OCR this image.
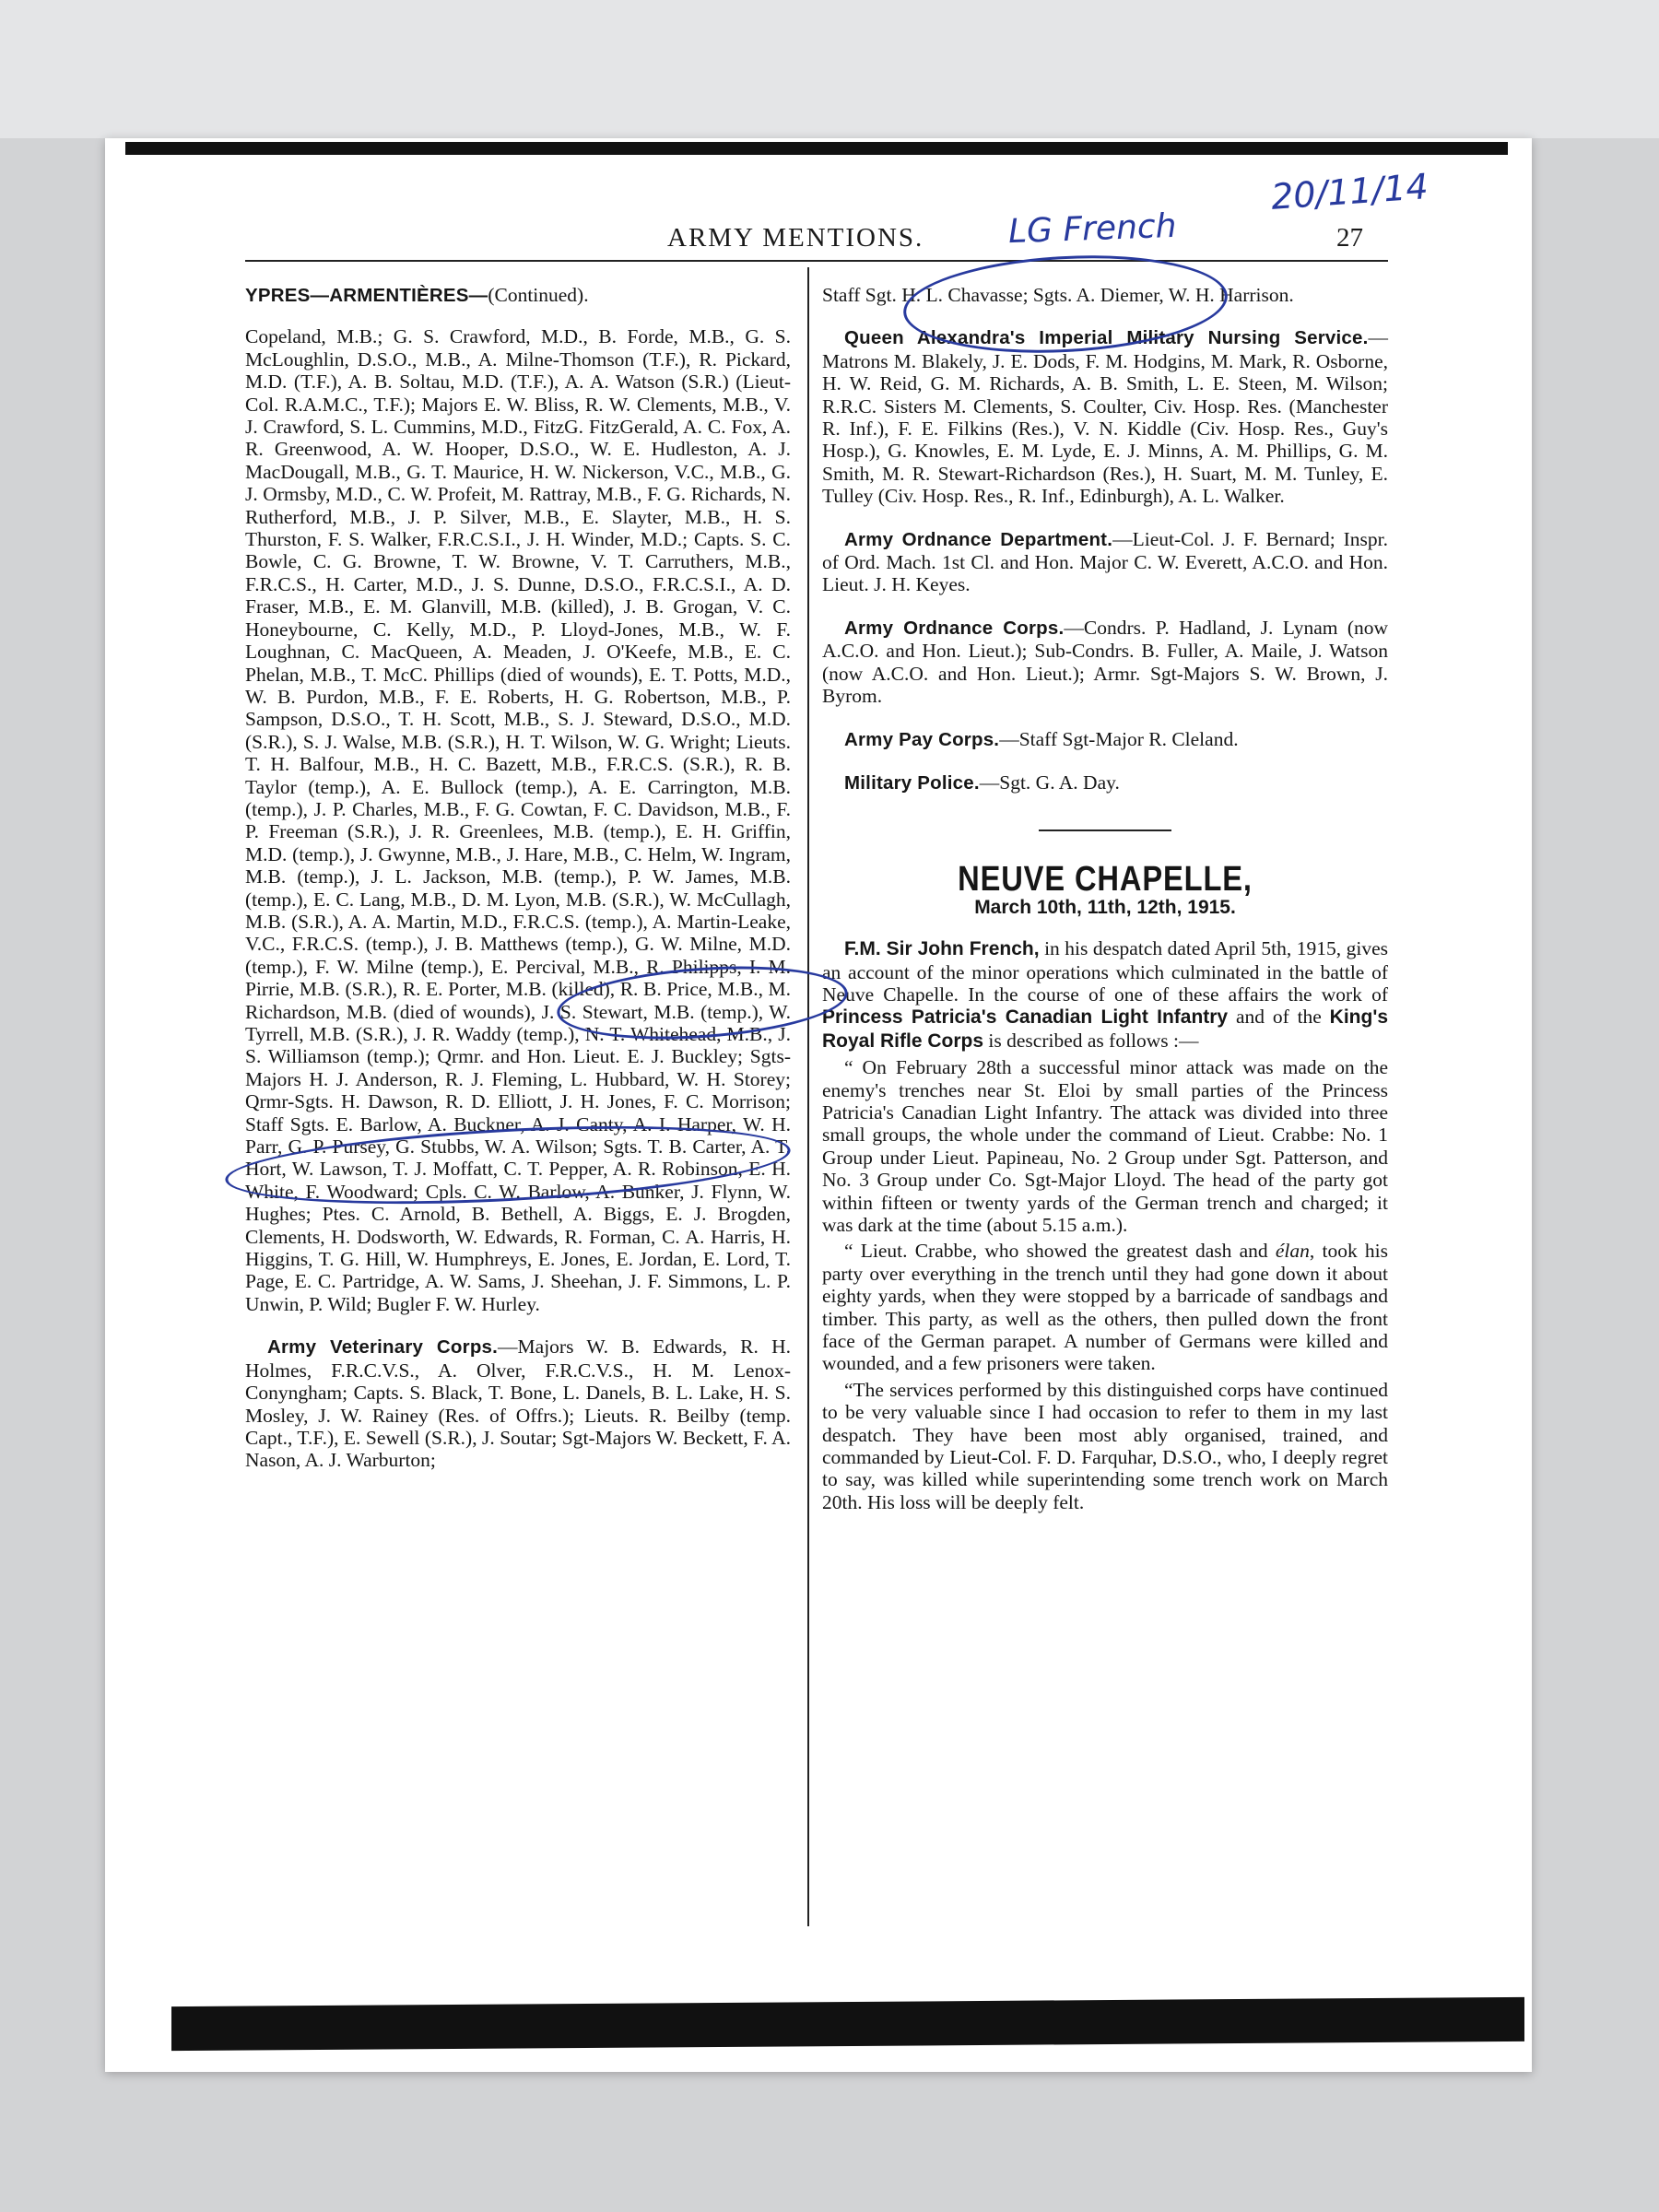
ARMY MENTIONS.	LG French
20/11/14
27

YPRES—ARMENTIÈRES—(Continued).

Copeland, M.B.; G. S. Crawford, M.D., B. Forde, M.B., G. S. McLoughlin, D.S.O., M.B., A. Milne-Thomson (T.F.), R. Pickard, M.D. (T.F.), A. B. Soltau, M.D. (T.F.), A. A. Watson (S.R.) (Lieut-Col. R.A.M.C., T.F.); Majors E. W. Bliss, R. W. Clements, M.B., V. J. Crawford, S. L. Cummins, M.D., FitzG. FitzGerald, A. C. Fox, A. R. Greenwood, A. W. Hooper, D.S.O., W. E. Hudleston, A. J. MacDougall, M.B., G. T. Maurice, H. W. Nickerson, V.C., M.B., G. J. Ormsby, M.D., C. W. Profeit, M. Rattray, M.B., F. G. Richards, N. Rutherford, M.B., J. P. Silver, M.B., E. Slayter, M.B., H. S. Thurston, F. S. Walker, F.R.C.S.I., J. H. Winder, M.D.; Capts. S. C. Bowle, C. G. Browne, T. W. Browne, V. T. Carruthers, M.B., F.R.C.S., H. Carter, M.D., J. S. Dunne, D.S.O., F.R.C.S.I., A. D. Fraser, M.B., E. M. Glanvill, M.B. (killed), J. B. Grogan, V. C. Honeybourne, C. Kelly, M.D., P. Lloyd-Jones, M.B., W. F. Loughnan, C. MacQueen, A. Meaden, J. O'Keefe, M.B., E. C. Phelan, M.B., T. McC. Phillips (died of wounds), E. T. Potts, M.D., W. B. Purdon, M.B., F. E. Roberts, H. G. Robertson, M.B., P. Sampson, D.S.O., T. H. Scott, M.B., S. J. Steward, D.S.O., M.D. (S.R.), S. J. Walse, M.B. (S.R.), H. T. Wilson, W. G. Wright; Lieuts. T. H. Balfour, M.B., H. C. Bazett, M.B., F.R.C.S. (S.R.), R. B. Taylor (temp.), A. E. Bullock (temp.), A. E. Carrington, M.B. (temp.), J. P. Charles, M.B., F. G. Cowtan, F. C. Davidson, M.B., F. P. Freeman (S.R.), J. R. Greenlees, M.B. (temp.), E. H. Griffin, M.D. (temp.), J. Gwynne, M.B., J. Hare, M.B., C. Helm, W. Ingram, M.B. (temp.), J. L. Jackson, M.B. (temp.), P. W. James, M.B. (temp.), E. C. Lang, M.B., D. M. Lyon, M.B. (S.R.), W. McCullagh, M.B. (S.R.), A. A. Martin, M.D., F.R.C.S. (temp.), A. Martin-Leake, V.C., F.R.C.S. (temp.), J. B. Matthews (temp.), G. W. Milne, M.D. (temp.), F. W. Milne (temp.), E. Percival, M.B., R. Philipps, I. M. Pirrie, M.B. (S.R.), R. E. Porter, M.B. (killed), R. B. Price, M.B., M. Richardson, M.B. (died of wounds), J. S. Stewart, M.B. (temp.), W. Tyrrell, M.B. (S.R.), J. R. Waddy (temp.), N. T. Whitehead, M.B., J. S. Williamson (temp.); Qrmr. and Hon. Lieut. E. J. Buckley; Sgts-Majors H. J. Anderson, R. J. Fleming, L. Hubbard, W. H. Storey; Qrmr-Sgts. H. Dawson, R. D. Elliott, J. H. Jones, F. C. Morrison; Staff Sgts. E. Barlow, A. Buckner, A. J. Canty, A. I. Harper, W. H. Parr, G. P. Pursey, G. Stubbs, W. A. Wilson; Sgts. T. B. Carter, A. T. Hort, W. Lawson, T. J. Moffatt, C. T. Pepper, A. R. Robinson, E. H. White, F. Woodward; Cpls. C. W. Barlow, A. Bunker, J. Flynn, W. Hughes; Ptes. C. Arnold, B. Bethell, A. Biggs, E. J. Brogden, Clements, H. Dodsworth, W. Edwards, R. Forman, C. A. Harris, H. Higgins, T. G. Hill, W. Humphreys, E. Jones, E. Jordan, E. Lord, T. Page, E. C. Partridge, A. W. Sams, J. Sheehan, J. F. Simmons, L. P. Unwin, P. Wild; Bugler F. W. Hurley.

Army Veterinary Corps.—Majors W. B. Edwards, R. H. Holmes, F.R.C.V.S., A. Olver, F.R.C.V.S., H. M. Lenox-Conyngham; Capts. S. Black, T. Bone, L. Danels, B. L. Lake, H. S. Mosley, J. W. Rainey (Res. of Offrs.); Lieuts. R. Beilby (temp. Capt., T.F.), E. Sewell (S.R.), J. Soutar; Sgt-Majors W. Beckett, F. A. Nason, A. J. Warburton;

Staff Sgt. H. L. Chavasse; Sgts. A. Diemer, W. H. Harrison.

Queen Alexandra's Imperial Military Nursing Service.—Matrons M. Blakely, J. E. Dods, F. M. Hodgins, M. Mark, R. Osborne, H. W. Reid, G. M. Richards, A. B. Smith, L. E. Steen, M. Wilson; R.R.C. Sisters M. Clements, S. Coulter, Civ. Hosp. Res. (Manchester R. Inf.), F. E. Filkins (Res.), V. N. Kiddle (Civ. Hosp. Res., Guy's Hosp.), G. Knowles, E. M. Lyde, E. J. Minns, A. M. Phillips, G. M. Smith, M. R. Stewart-Richardson (Res.), H. Suart, M. M. Tunley, E. Tulley (Civ. Hosp. Res., R. Inf., Edinburgh), A. L. Walker.

Army Ordnance Department.—Lieut-Col. J. F. Bernard; Inspr. of Ord. Mach. 1st Cl. and Hon. Major C. W. Everett, A.C.O. and Hon. Lieut. J. H. Keyes.

Army Ordnance Corps.—Condrs. P. Hadland, J. Lynam (now A.C.O. and Hon. Lieut.); Sub-Condrs. B. Fuller, A. Maile, J. Watson (now A.C.O. and Hon. Lieut.); Armr. Sgt-Majors S. W. Brown, J. Byrom.

Army Pay Corps.—Staff Sgt-Major R. Cleland.

Military Police.—Sgt. G. A. Day.

NEUVE CHAPELLE,
March 10th, 11th, 12th, 1915.

F.M. Sir John French, in his despatch dated April 5th, 1915, gives an account of the minor operations which culminated in the battle of Neuve Chapelle. In the course of one of these affairs the work of Princess Patricia's Canadian Light Infantry and of the King's Royal Rifle Corps is described as follows :—

“ On February 28th a successful minor attack was made on the enemy's trenches near St. Eloi by small parties of the Princess Patricia's Canadian Light Infantry. The attack was divided into three small groups, the whole under the command of Lieut. Crabbe: No. 1 Group under Lieut. Papineau, No. 2 Group under Sgt. Patterson, and No. 3 Group under Co. Sgt-Major Lloyd. The head of the party got within fifteen or twenty yards of the German trench and charged; it was dark at the time (about 5.15 a.m.).

“ Lieut. Crabbe, who showed the greatest dash and élan, took his party over everything in the trench until they had gone down it about eighty yards, when they were stopped by a barricade of sandbags and timber. This party, as well as the others, then pulled down the front face of the German parapet. A number of Germans were killed and wounded, and a few prisoners were taken.

“The services performed by this distinguished corps have continued to be very valuable since I had occasion to refer to them in my last despatch. They have been most ably organised, trained, and commanded by Lieut-Col. F. D. Farquhar, D.S.O., who, I deeply regret to say, was killed while superintending some trench work on March 20th. His loss will be deeply felt.
